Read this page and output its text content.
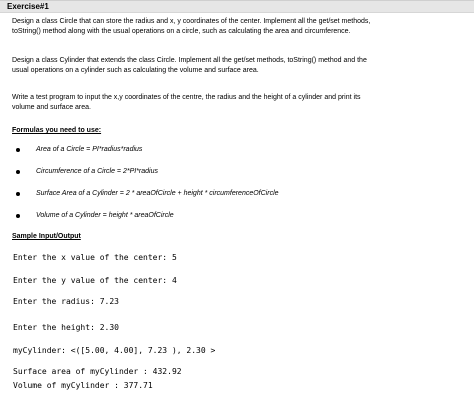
Exercise#1
Design a class Circle that can store the radius and x, y coordinates of the center. Implement all the get/set methods,
toString() method along with the usual operations on a circle, such as calculating the area and circumference.
Design a class Cylinder that extends the class Circle. Implement all the get/set methods, toString() method and the
usual operations on a cylinder such as calculating the volume and surface area.
Write a test program to input the x,y coordinates of the centre, the radius and the height of a cylinder and print its
volume and surface area.
Formulas you need to use:
Area of a Circle = PI*radius*radius
Circumference of a Circle = 2*PI*radius
Surface Area of a Cylinder = 2 * areaOfCircle + height * circumferenceOfCircle
Volume of a Cylinder = height * areaOfCircle
Sample Input/Output
Enter the x value of the center: 5
Enter the y value of the center: 4
Enter the radius: 7.23
Enter the height: 2.30
myCylinder: <([5.00, 4.00], 7.23 ), 2.30 >
Surface area of myCylinder : 432.92
Volume of myCylinder : 377.71
